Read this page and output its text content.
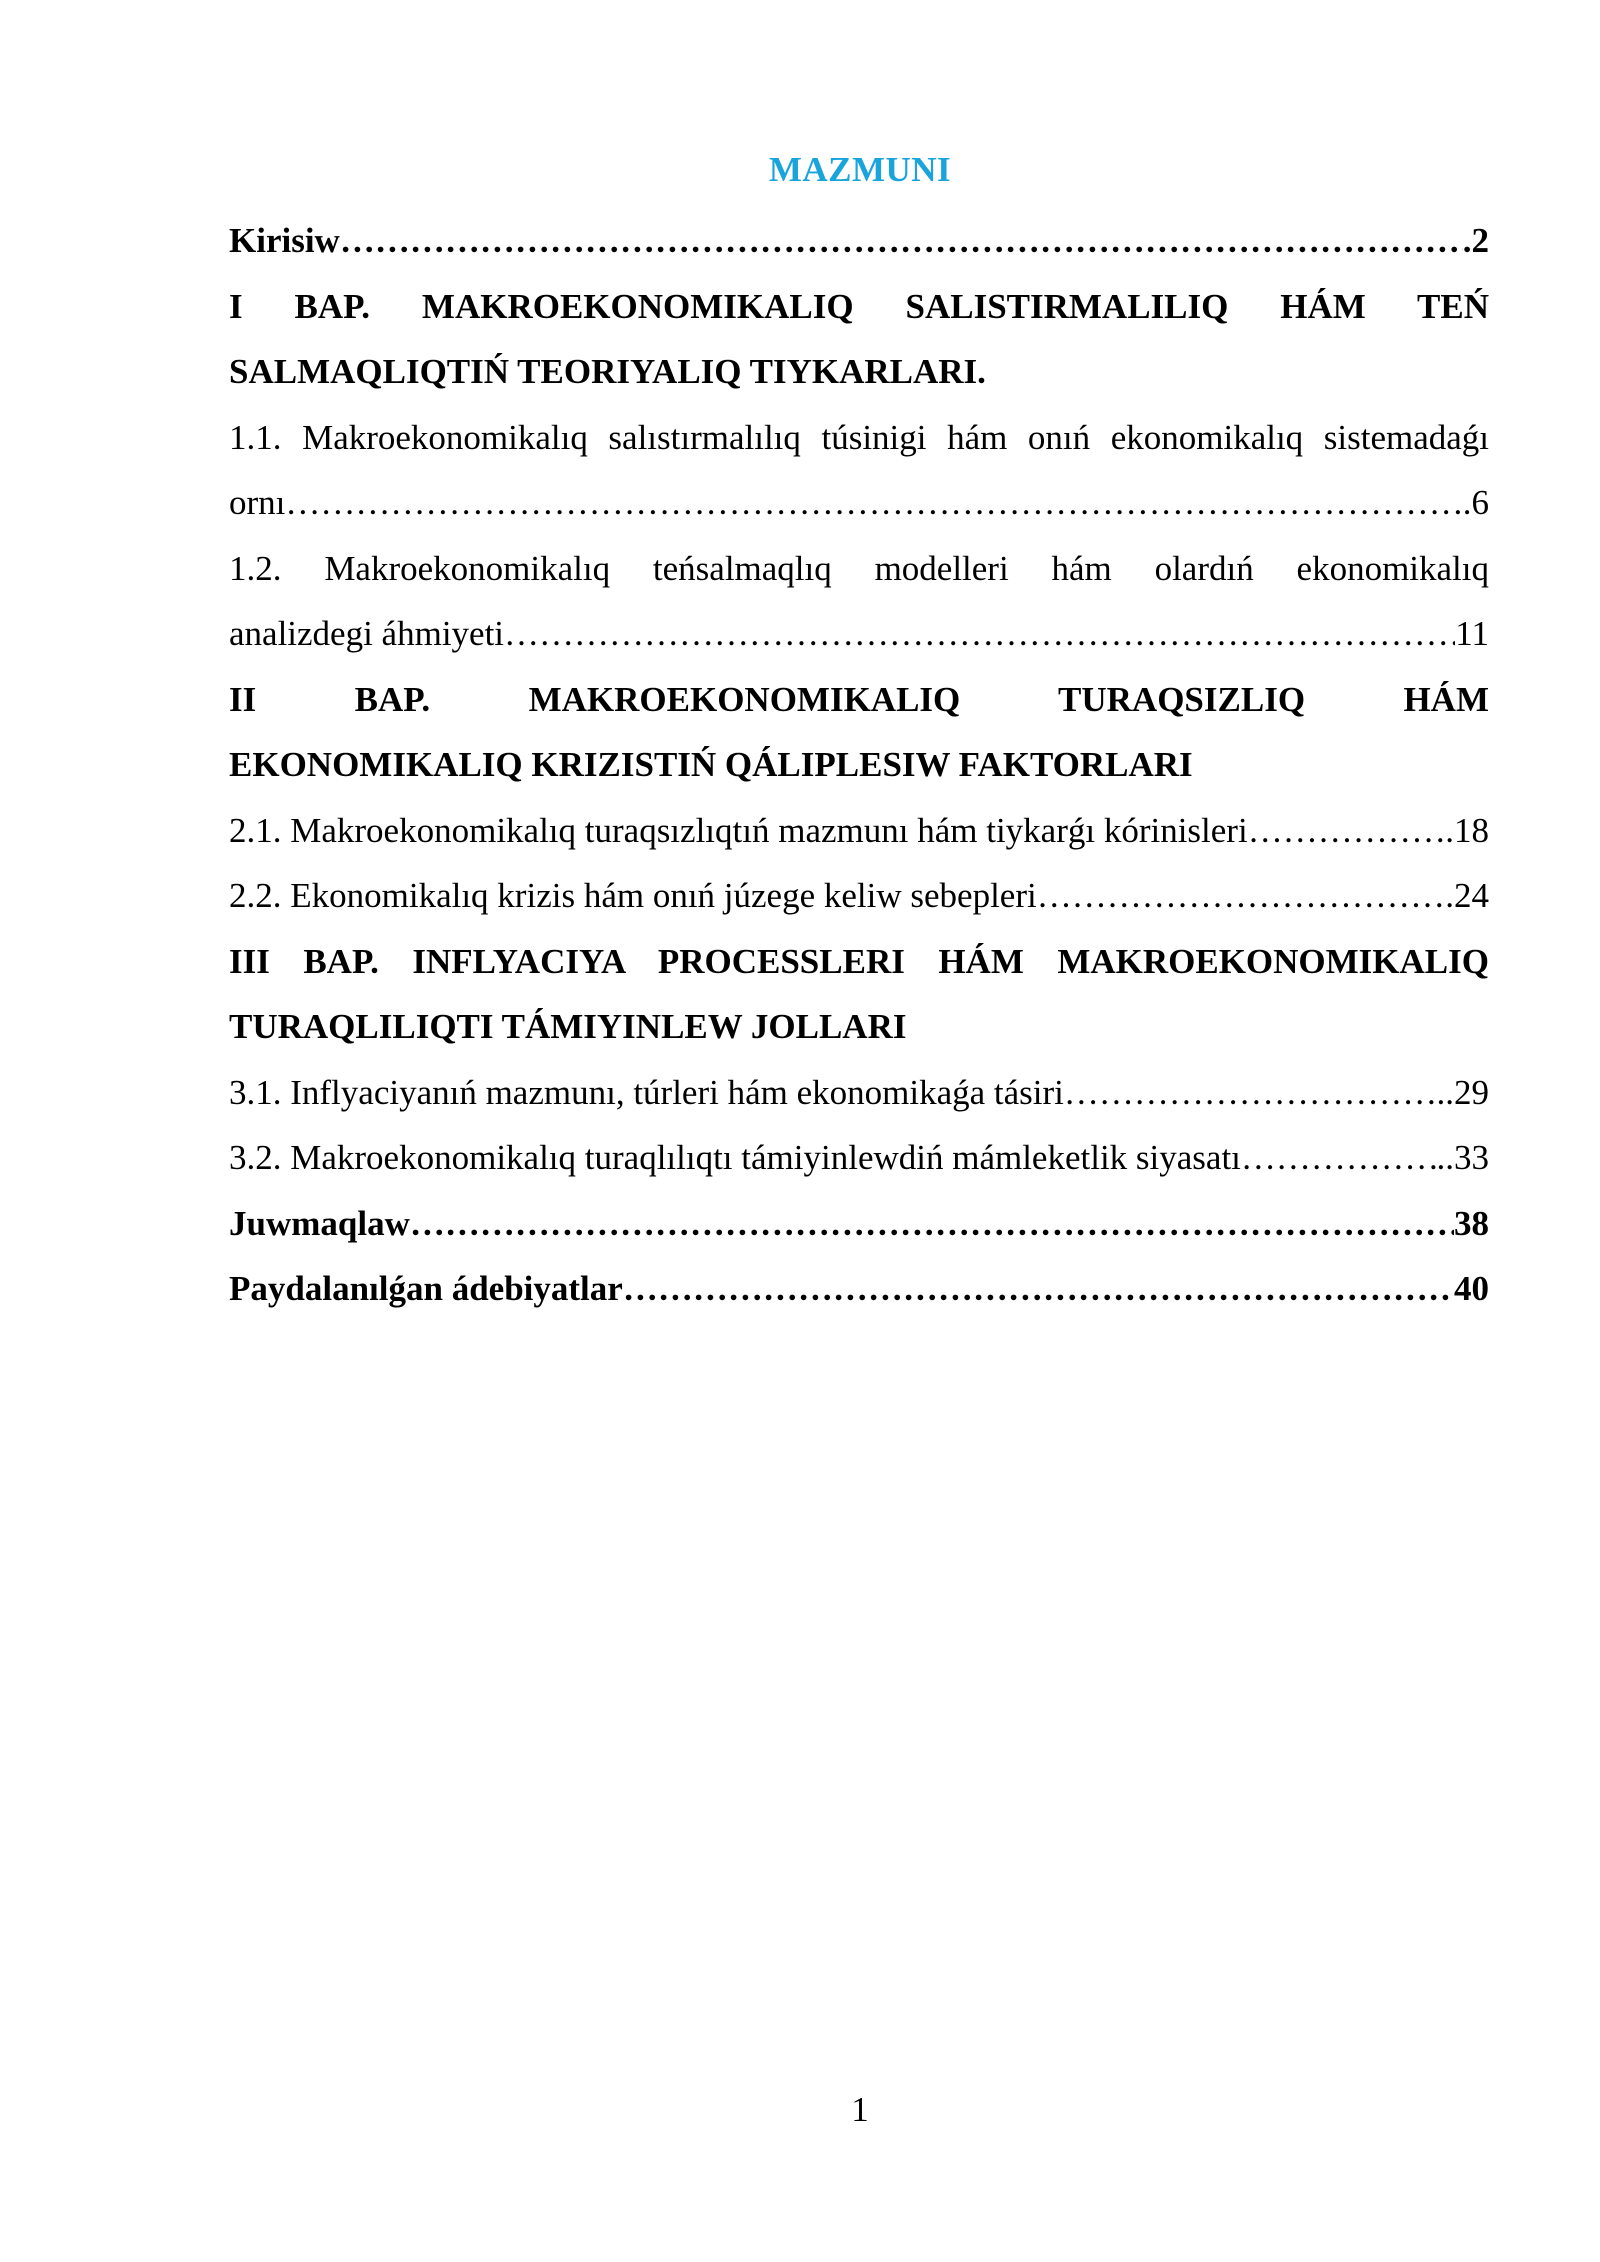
MAZMUNI
Kirisiw ……………………………………………………………………………………………………………………………………………………………………………………………………………………	.2
I BAP. MAKROEKONOMIKALIQ SALISTIRMALILIQ HÁM TEŃ
SALMAQLIQTIŃ TEORIYALIQ TIYKARLARI.
1.1. Makroekonomikalıq salıstırmalılıq túsinigi hám onıń ekonomikalıq sistemadaǵı
ornı ……………………………………………………………………………………………………………………………………………………………………………………………………………………	.6
1.2. Makroekonomikalıq teńsalmaqlıq modelleri hám olardıń ekonomikalıq
analizdegi áhmiyeti ……………………………………………………………………………………………………………………………………………………………………………………………………………………	11
II BAP. MAKROEKONOMIKALIQ TURAQSIZLIQ HÁM
EKONOMIKALIQ KRIZISTIŃ QÁLIPLESIW FAKTORLARI
2.1. Makroekonomikalıq turaqsızlıqtıń mazmunı hám tiykarǵı kórinisleri ……………………………………………………………………………………………………………………………………………………………………………………………………………………	.18
2.2. Ekonomikalıq krizis hám onıń júzege keliw sebepleri ……………………………………………………………………………………………………………………………………………………………………………………………………………………	.24
III BAP. INFLYACIYA PROCESSLERI HÁM MAKROEKONOMIKALIQ
TURAQLILIQTI TÁMIYINLEW JOLLARI
3.1. Inflyaciyanıń mazmunı, túrleri hám ekonomikaǵa tásiri ……………………………………………………………………………………………………………………………………………………………………………………………………………………	..29
3.2. Makroekonomikalıq turaqlılıqtı támiyinlewdiń mámleketlik siyasatı ……………………………………………………………………………………………………………………………………………………………………………………………………………………	..33
Juwmaqlaw ……………………………………………………………………………………………………………………………………………………………………………………………………………………	38
Paydalanılǵan ádebiyatlar ……………………………………………………………………………………………………………………………………………………………………………………………………………………	40
1
